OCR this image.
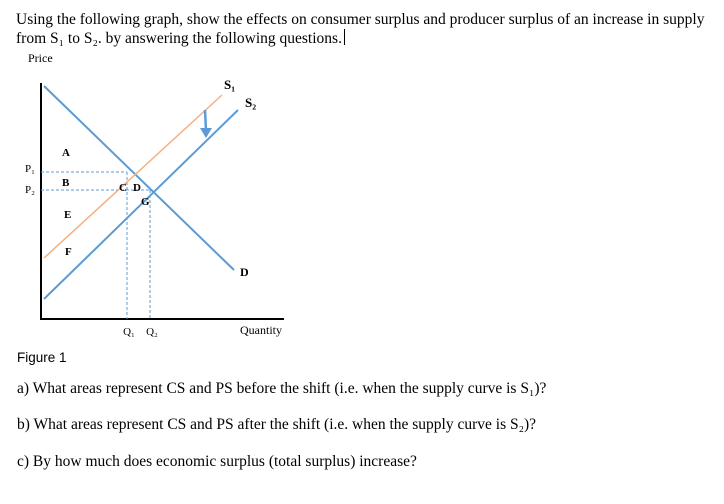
Using the following graph, show the effects on consumer surplus and producer surplus of an increase in supply from S₁ to S₂. by answering the following questions.
Price
Quantity
P₁
P₂
Q₁ Q₂
S₁
S₂
D
A
B	C D
E
F
G
Figure 1
a) What areas represent CS and PS before the shift (i.e. when the supply curve is S₁)?
b) What areas represent CS and PS after the shift (i.e. when the supply curve is S₂)?
c) By how much does economic surplus (total surplus) increase?
